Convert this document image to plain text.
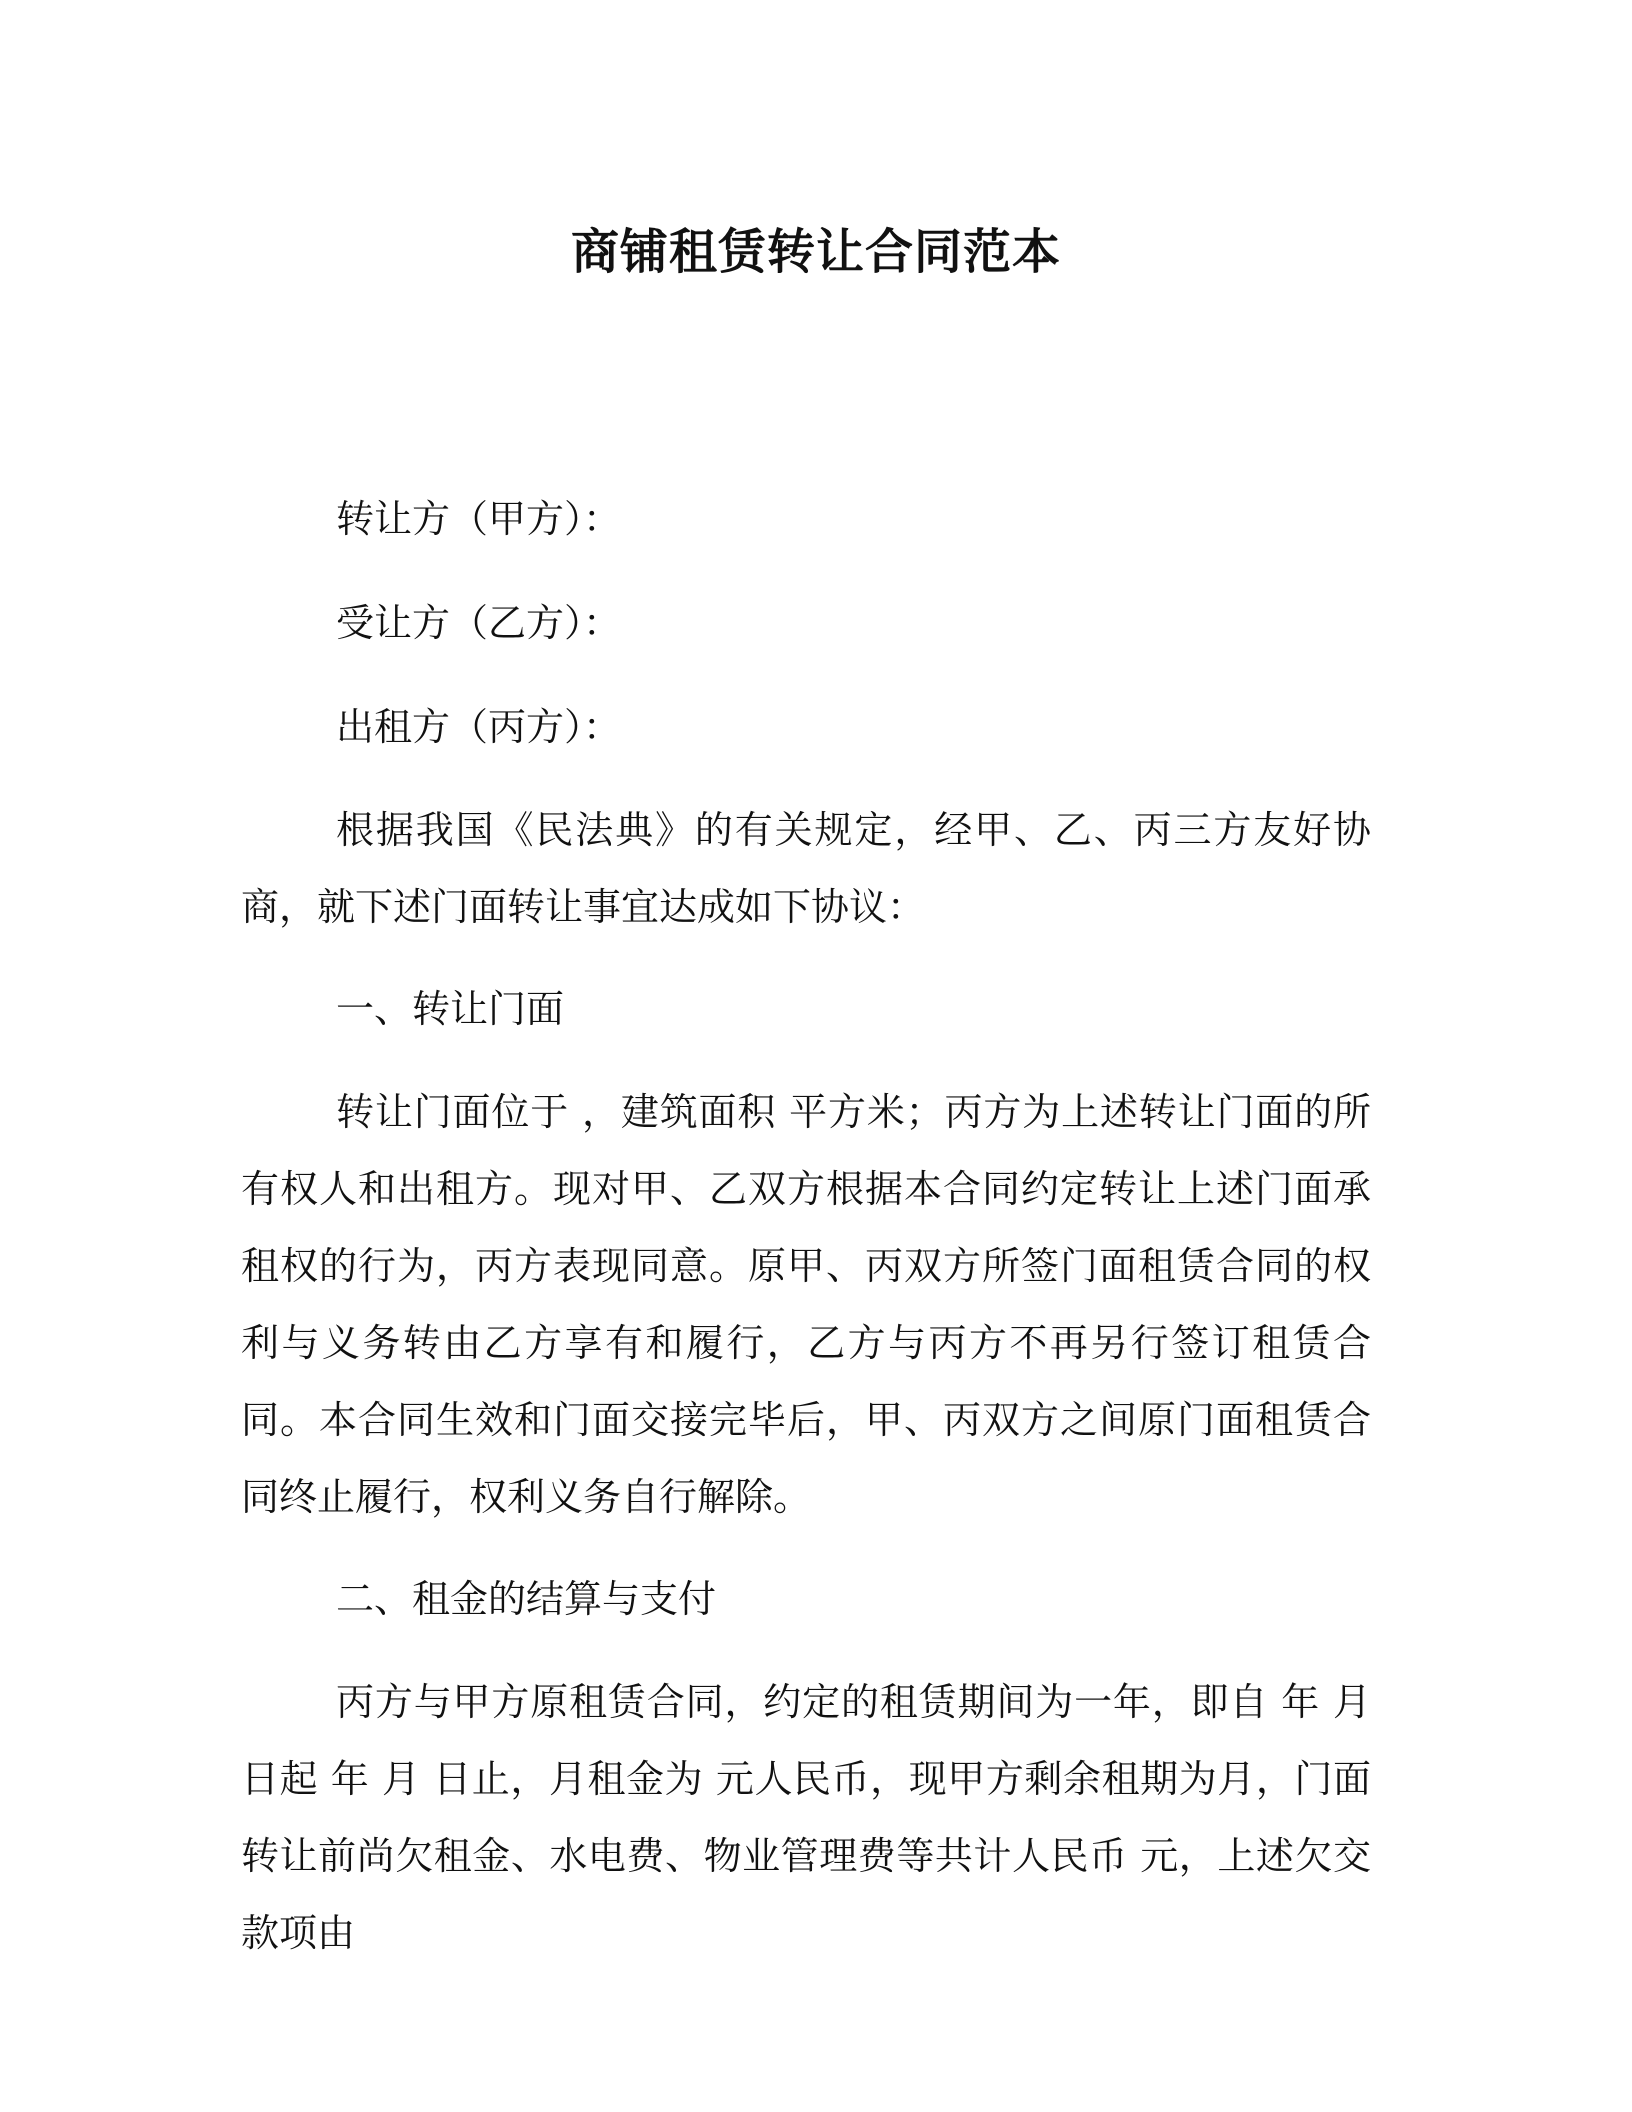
商铺租赁转让合同范本

转让方（甲方）：

受让方（乙方）：

出租方（丙方）：

根据我国《民法典》的有关规定，经甲、乙、丙三方友好协商，就下述门面转让事宜达成如下协议：

一、转让门面

转让门面位于 ，建筑面积 平方米；丙方为上述转让门面的所有权人和出租方。现对甲、乙双方根据本合同约定转让上述门面承租权的行为，丙方表现同意。原甲、丙双方所签门面租赁合同的权利与义务转由乙方享有和履行，乙方与丙方不再另行签订租赁合同。本合同生效和门面交接完毕后，甲、丙双方之间原门面租赁合同终止履行，权利义务自行解除。

二、租金的结算与支付

丙方与甲方原租赁合同，约定的租赁期间为一年，即自 年 月 日起 年 月 日止，月租金为 元人民币，现甲方剩余租期为月，门面转让前尚欠租金、水电费、物业管理费等共计人民币 元，上述欠交款项由
